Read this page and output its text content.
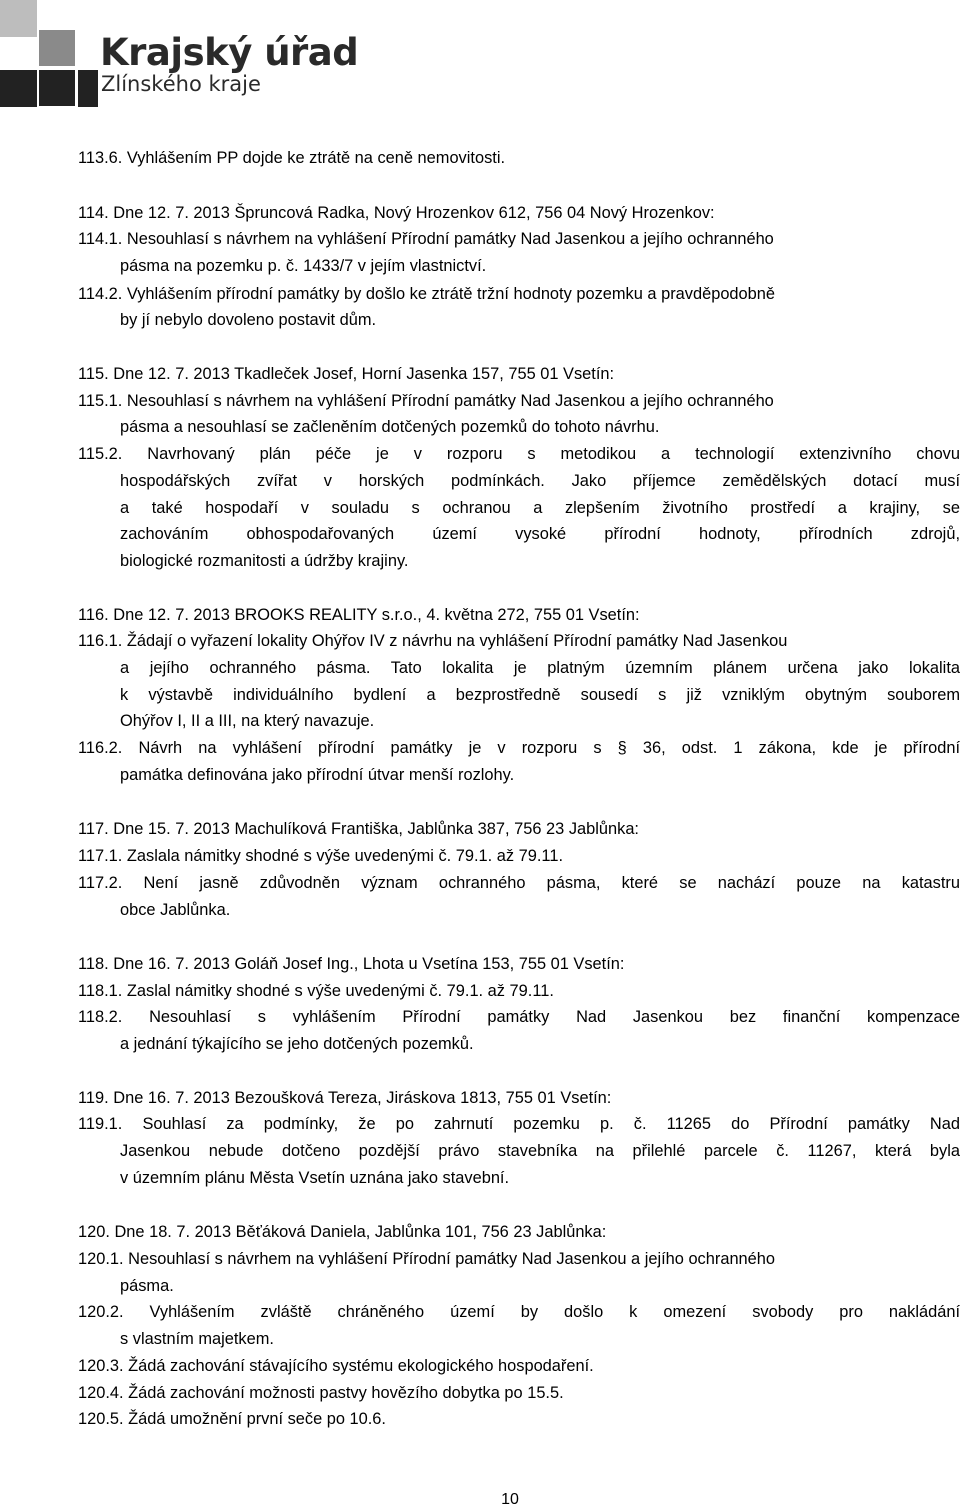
Krajský úřad
Zlínského kraje
113.6. Vyhlášením PP dojde ke ztrátě na ceně nemovitosti.
114. Dne 12. 7. 2013 Špruncová Radka, Nový Hrozenkov 612, 756 04 Nový Hrozenkov:
114.1. Nesouhlasí s návrhem na vyhlášení Přírodní památky Nad Jasenkou a jejího ochranného
pásma na pozemku p. č. 1433/7 v jejím vlastnictví.
114.2. Vyhlášením přírodní památky by došlo ke ztrátě tržní hodnoty pozemku a pravděpodobně
by jí nebylo dovoleno postavit dům.
115. Dne 12. 7. 2013 Tkadleček Josef, Horní Jasenka 157, 755 01 Vsetín:
115.1. Nesouhlasí s návrhem na vyhlášení Přírodní památky Nad Jasenkou a jejího ochranného
pásma a nesouhlasí se začleněním dotčených pozemků do tohoto návrhu.
115.2. Navrhovaný plán péče je v rozporu s metodikou a technologií extenzivního chovu
hospodářských zvířat v horských podmínkách. Jako příjemce zemědělských dotací musí
a také hospodaří v souladu s ochranou a zlepšením životního prostředí a krajiny, se
zachováním obhospodařovaných území vysoké přírodní hodnoty, přírodních zdrojů,
biologické rozmanitosti a údržby krajiny.
116. Dne 12. 7. 2013 BROOKS REALITY s.r.o., 4. května 272, 755 01 Vsetín:
116.1. Žádají o vyřazení lokality Ohýřov IV z návrhu na vyhlášení Přírodní památky Nad Jasenkou
a jejího ochranného pásma. Tato lokalita je platným územním plánem určena jako lokalita
k výstavbě individuálního bydlení a bezprostředně sousedí s již vzniklým obytným souborem
Ohýřov I, II a III, na který navazuje.
116.2. Návrh na vyhlášení přírodní památky je v rozporu s § 36, odst. 1 zákona, kde je přírodní
památka definována jako přírodní útvar menší rozlohy.
117. Dne 15. 7. 2013 Machulíková Františka, Jablůnka 387, 756 23 Jablůnka:
117.1. Zaslala námitky shodné s výše uvedenými č. 79.1. až 79.11.
117.2. Není jasně zdůvodněn význam ochranného pásma, které se nachází pouze na katastru
obce Jablůnka.
118. Dne 16. 7. 2013 Goláň Josef Ing., Lhota u Vsetína 153, 755 01 Vsetín:
118.1. Zaslal námitky shodné s výše uvedenými č. 79.1. až 79.11.
118.2. Nesouhlasí s vyhlášením Přírodní památky Nad Jasenkou bez finanční kompenzace
a jednání týkajícího se jeho dotčených pozemků.
119. Dne 16. 7. 2013 Bezoušková Tereza, Jiráskova 1813, 755 01 Vsetín:
119.1. Souhlasí za podmínky, že po zahrnutí pozemku p. č. 11265 do Přírodní památky Nad
Jasenkou nebude dotčeno pozdější právo stavebníka na přilehlé parcele č. 11267, která byla
v územním plánu Města Vsetín uznána jako stavební.
120. Dne 18. 7. 2013 Běťáková Daniela, Jablůnka 101, 756 23 Jablůnka:
120.1. Nesouhlasí s návrhem na vyhlášení Přírodní památky Nad Jasenkou a jejího ochranného
pásma.
120.2. Vyhlášením zvláště chráněného území by došlo k omezení svobody pro nakládání
s vlastním majetkem.
120.3. Žádá zachování stávajícího systému ekologického hospodaření.
120.4. Žádá zachování možnosti pastvy hovězího dobytka po 15.5.
120.5. Žádá umožnění první seče po 10.6.
10
